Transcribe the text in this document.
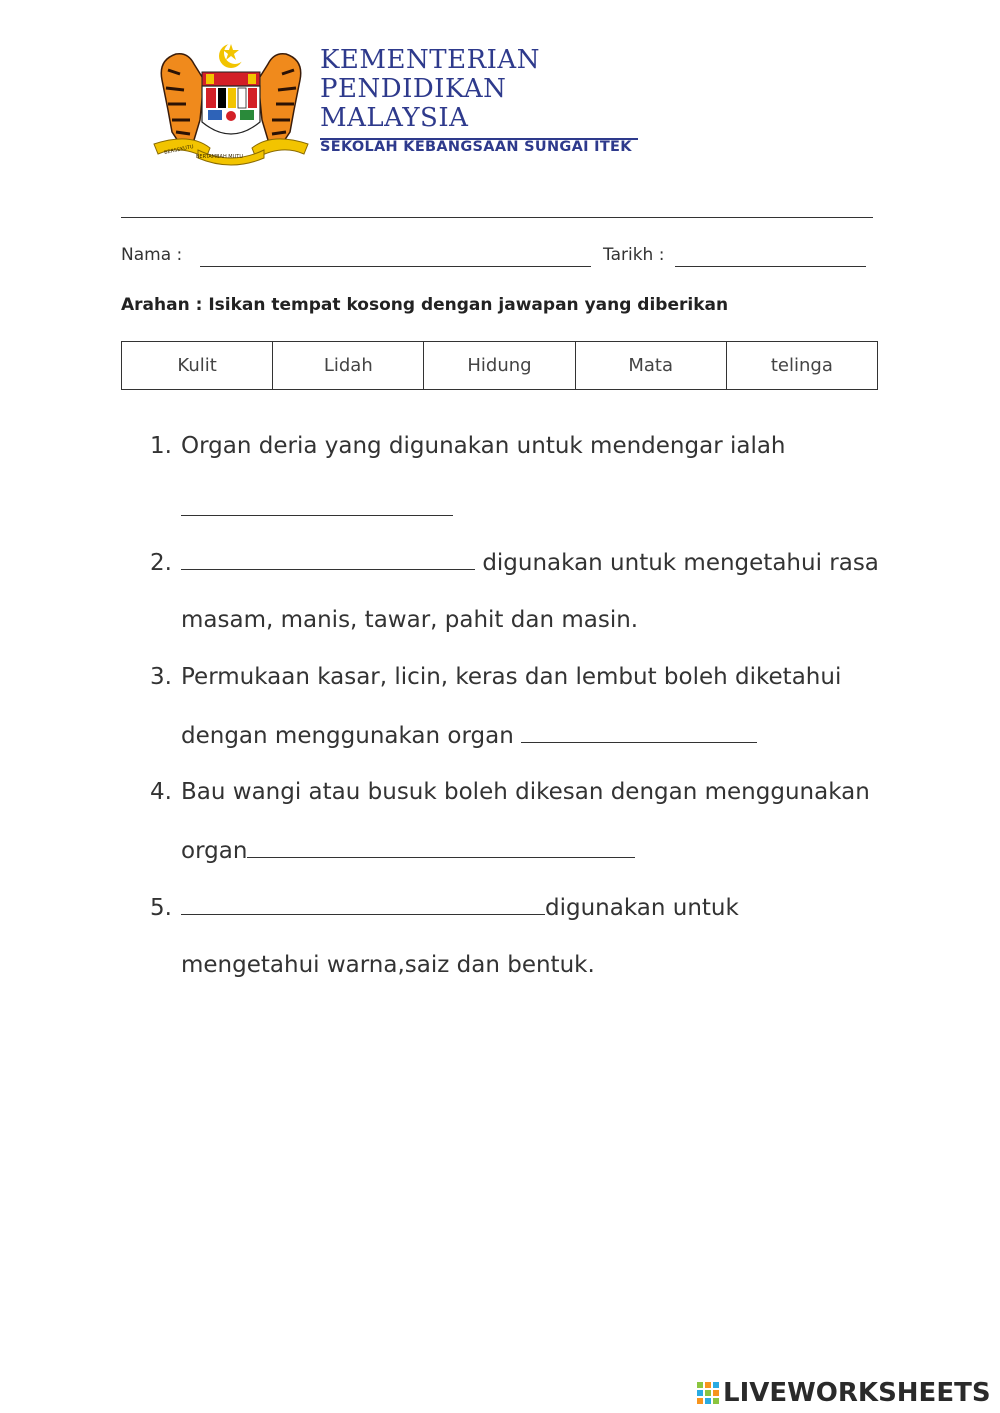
BERSEKUTU
BERTAMBAH MUTU
KEMENTERIAN
PENDIDIKAN
MALAYSIA
SEKOLAH KEBANGSAAN SUNGAI ITEK
Nama :	Tarikh :
Arahan : Isikan tempat kosong dengan jawapan yang diberikan
Kulit	Lidah	Hidung	Mata	telinga
1. Organ deria yang digunakan untuk mendengar ialah
2.	digunakan untuk mengetahui rasa
masam, manis, tawar, pahit dan masin.
3. Permukaan kasar, licin, keras dan lembut boleh diketahui
dengan menggunakan organ
4. Bau wangi atau busuk boleh dikesan dengan menggunakan
organ
5.	digunakan untuk
mengetahui warna,saiz dan bentuk.
LIVEWORKSHEETS
